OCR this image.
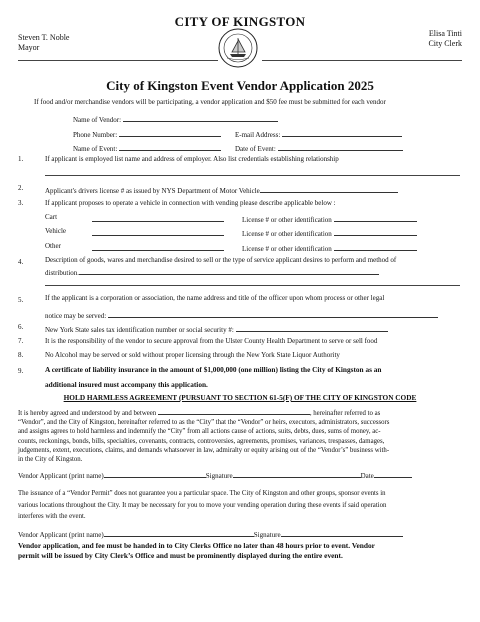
CITY OF KINGSTON
Steven T. Noble
Mayor
Elisa Tinti
City Clerk
City of Kingston Event Vendor Application 2025
If food and/or merchandise vendors will be participating, a vendor application and $50 fee must be submitted for each vendor
Name of Vendor:
Phone Number:	E-mail Address:
Name of Event:	Date of Event:
1.	If applicant is employed list name and address of employer. Also list credentials establishing relationship
2.	Applicant's drivers license # as issued by NYS Department of Motor Vehicle
3.	If applicant proposes to operate a vehicle in connection with vending please describe applicable below :
Cart	License # or other identification
Vehicle	License # or other identification
Other	License # or other identification
4.	Description of goods, wares and merchandise desired to sell or the type of service applicant desires to perform and method of
distribution.
5.	If the applicant is a corporation or association, the name address and title of the officer upon whom process or other legal
notice may be served:
6.	New York State sales tax identification number or social security #:
7.	It is the responsibility of the vendor to secure approval from the Ulster County Health Department to serve or sell food
8.	No Alcohol may be served or sold without proper licensing through the New York State Liquor Authority
9.	A certificate of liability insurance in the amount of $1,000,000 (one million) listing the City of Kingston as an
additional insured must accompany this application.
HOLD HARMLESS AGREEMENT (PURSUANT TO SECTION 61-5(F) OF THE CITY OF KINGSTON CODE
It is hereby agreed and understood by and between	, hereinafter referred to as
“Vendor”, and the City of Kingston, hereinafter referred to as the “City” that the “Vendor” or heirs, executors, administrators, successors
and assigns agrees to hold harmless and indemnify the “City” from all actions cause of actions, suits, debts, dues, sums of money, ac-
counts, reckonings, bonds, bills, specialties, covenants, contracts, controversies, agreements, promises, variances, trespasses, damages,
judgements, extent, executions, claims, and demands whatsoever in law, admiralty or equity arising out of the “Vendor’s” business with-
in the City of Kingston.
Vendor Applicant (print name)	Signature	Date
The issuance of a “Vendor Permit” does not guarantee you a particular space. The City of Kingston and other groups, sponsor events in
various locations throughout the City. It may be necessary for you to move your vending operation during these events if said operation
interferes with the event.
Vendor Applicant (print name)	Signature
Vendor application, and fee must be handed in to City Clerks Office no later than 48 hours prior to event. Vendor
permit will be issued by City Clerk’s Office and must be prominently displayed during the entire event.
